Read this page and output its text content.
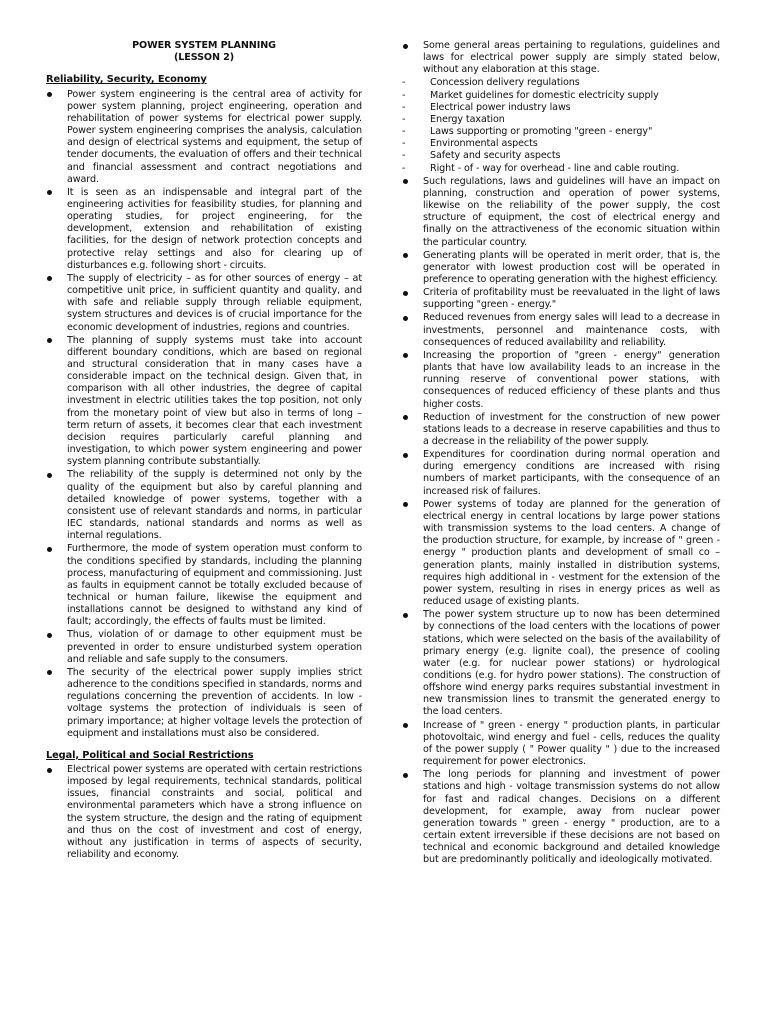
POWER SYSTEM PLANNING

(LESSON 2)

Reliability, Security, Economy
Power system engineering is the central area of activity for power system planning, project engineering, operation and rehabilitation of power systems for electrical power supply. Power system engineering comprises the analysis, calculation and design of electrical systems and equipment, the setup of tender documents, the evaluation of offers and their technical and financial assessment and contract negotiations and award.
It is seen as an indispensable and integral part of the engineering activities for feasibility studies, for planning and operating studies, for project engineering, for the development, extension and rehabilitation of existing facilities, for the design of network protection concepts and protective relay settings and also for clearing up of disturbances e.g. following short - circuits.
The supply of electricity – as for other sources of energy – at competitive unit price, in sufficient quantity and quality, and with safe and reliable supply through reliable equipment, system structures and devices is of crucial importance for the economic development of industries, regions and countries.
The planning of supply systems must take into account different boundary conditions, which are based on regional and structural consideration that in many cases have a considerable impact on the technical design. Given that, in comparison with all other industries, the degree of capital investment in electric utilities takes the top position, not only from the monetary point of view but also in terms of long – term return of assets, it becomes clear that each investment decision requires particularly careful planning and investigation, to which power system engineering and power system planning contribute substantially.
The reliability of the supply is determined not only by the quality of the equipment but also by careful planning and detailed knowledge of power systems, together with a consistent use of relevant standards and norms, in particular IEC standards, national standards and norms as well as internal regulations.
Furthermore, the mode of system operation must conform to the conditions specified by standards, including the planning process, manufacturing of equipment and commissioning. Just as faults in equipment cannot be totally excluded because of technical or human failure, likewise the equipment and installations cannot be designed to withstand any kind of fault; accordingly, the effects of faults must be limited.
Thus, violation of or damage to other equipment must be prevented in order to ensure undisturbed system operation and reliable and safe supply to the consumers.
The security of the electrical power supply implies strict adherence to the conditions specified in standards, norms and regulations concerning the prevention of accidents. In low - voltage systems the protection of individuals is seen of primary importance; at higher voltage levels the protection of equipment and installations must also be considered.
Legal, Political and Social Restrictions
Electrical power systems are operated with certain restrictions imposed by legal requirements, technical standards, political issues, financial constraints and social, political and environmental parameters which have a strong influence on the system structure, the design and the rating of equipment and thus on the cost of investment and cost of energy, without any justification in terms of aspects of security, reliability and economy.
Some general areas pertaining to regulations, guidelines and laws for electrical power supply are simply stated below, without any elaboration at this stage.
-	Concession delivery regulations
-	Market guidelines for domestic electricity supply
-	Electrical power industry laws
-	Energy taxation
-	Laws supporting or promoting "green - energy"
-	Environmental aspects
-	Safety and security aspects
-	Right - of - way for overhead - line and cable routing.
Such regulations, laws and guidelines will have an impact on planning, construction and operation of power systems, likewise on the reliability of the power supply, the cost structure of equipment, the cost of electrical energy and finally on the attractiveness of the economic situation within the particular country.
Generating plants will be operated in merit order, that is, the generator with lowest production cost will be operated in preference to operating generation with the highest efficiency.
Criteria of profitability must be reevaluated in the light of laws supporting "green - energy."
Reduced revenues from energy sales will lead to a decrease in investments, personnel and maintenance costs, with consequences of reduced availability and reliability.
Increasing the proportion of "green - energy" generation plants that have low availability leads to an increase in the running reserve of conventional power stations, with consequences of reduced efficiency of these plants and thus higher costs.
Reduction of investment for the construction of new power stations leads to a decrease in reserve capabilities and thus to a decrease in the reliability of the power supply.
Expenditures for coordination during normal operation and during emergency conditions are increased with rising numbers of market participants, with the consequence of an increased risk of failures.
Power systems of today are planned for the generation of electrical energy in central locations by large power stations with transmission systems to the load centers. A change of the production structure, for example, by increase of " green - energy " production plants and development of small co – generation plants, mainly installed in distribution systems, requires high additional in - vestment for the extension of the power system, resulting in rises in energy prices as well as reduced usage of existing plants.
The power system structure up to now has been determined by connections of the load centers with the locations of power stations, which were selected on the basis of the availability of primary energy (e.g. lignite coal), the presence of cooling water (e.g. for nuclear power stations) or hydrological conditions (e.g. for hydro power stations). The construction of offshore wind energy parks requires substantial investment in new transmission lines to transmit the generated energy to the load centers.
Increase of " green - energy " production plants, in particular photovoltaic, wind energy and fuel - cells, reduces the quality of the power supply ( " Power quality " ) due to the increased requirement for power electronics.
The long periods for planning and investment of power stations and high - voltage transmission systems do not allow for fast and radical changes. Decisions on a different development, for example, away from nuclear power generation towards " green - energy " production, are to a certain extent irreversible if these decisions are not based on technical and economic background and detailed knowledge but are predominantly politically and ideologically motivated.
